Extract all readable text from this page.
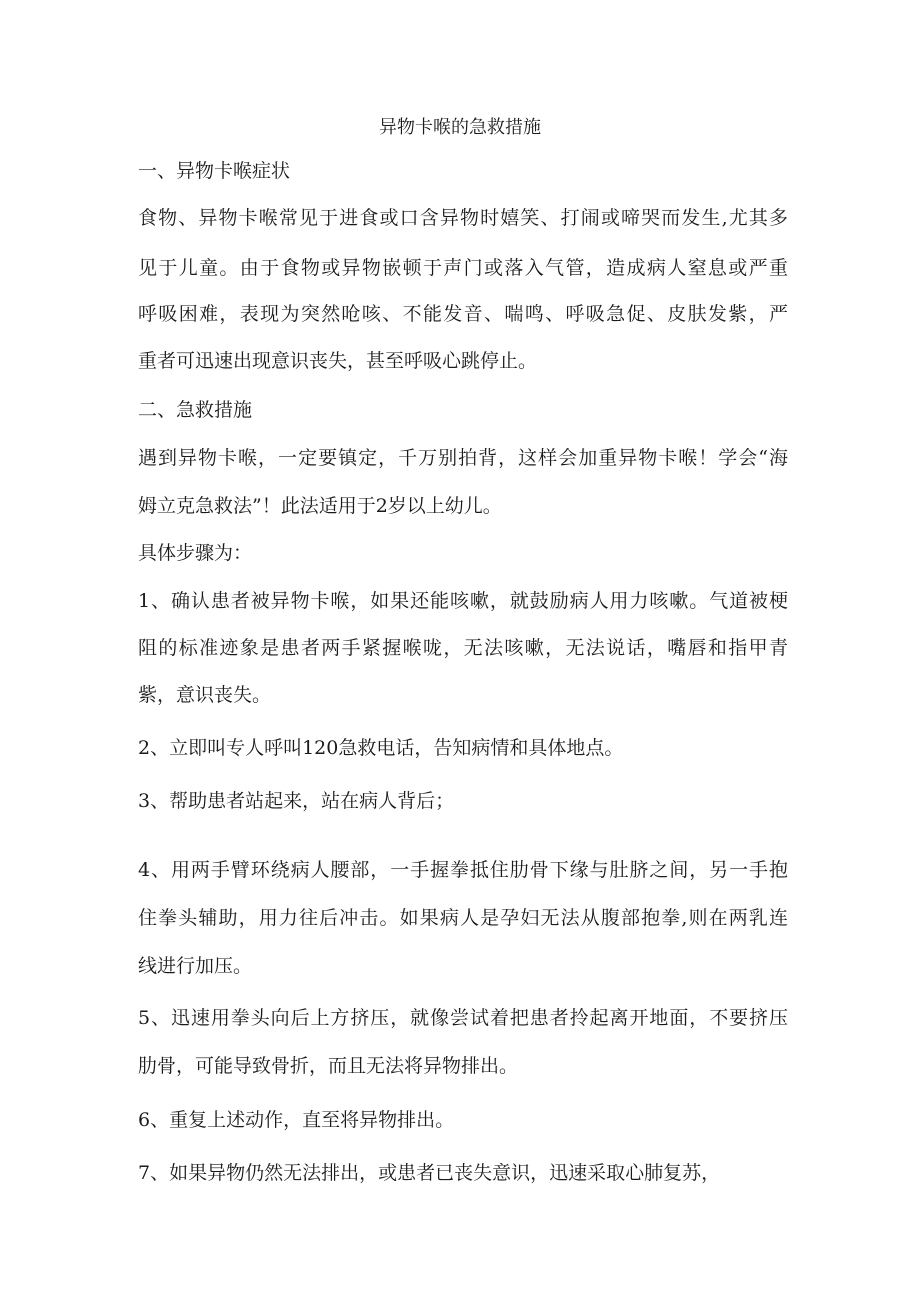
异物卡喉的急救措施
一、异物卡喉症状
食物、异物卡喉常见于进食或口含异物时嬉笑、打闹或啼哭而发生,尤其多
见于儿童。由于食物或异物嵌顿于声门或落入气管，造成病人窒息或严重
呼吸困难，表现为突然呛咳、不能发音、喘鸣、呼吸急促、皮肤发紫，严
重者可迅速出现意识丧失，甚至呼吸心跳停止。
二、急救措施
遇到异物卡喉，一定要镇定，千万别拍背，这样会加重异物卡喉！学会“海
姆立克急救法”！此法适用于2岁以上幼儿。
具体步骤为：
1、确认患者被异物卡喉，如果还能咳嗽，就鼓励病人用力咳嗽。气道被梗
阻的标准迹象是患者两手紧握喉咙，无法咳嗽，无法说话，嘴唇和指甲青
紫，意识丧失。
2、立即叫专人呼叫120急救电话，告知病情和具体地点。
3、帮助患者站起来，站在病人背后；
4、用两手臂环绕病人腰部，一手握拳抵住肋骨下缘与肚脐之间，另一手抱
住拳头辅助，用力往后冲击。如果病人是孕妇无法从腹部抱拳,则在两乳连
线进行加压。
5、迅速用拳头向后上方挤压，就像尝试着把患者拎起离开地面，不要挤压
肋骨，可能导致骨折，而且无法将异物排出。
6、重复上述动作，直至将异物排出。
7、如果异物仍然无法排出，或患者已丧失意识，迅速采取心肺复苏，
